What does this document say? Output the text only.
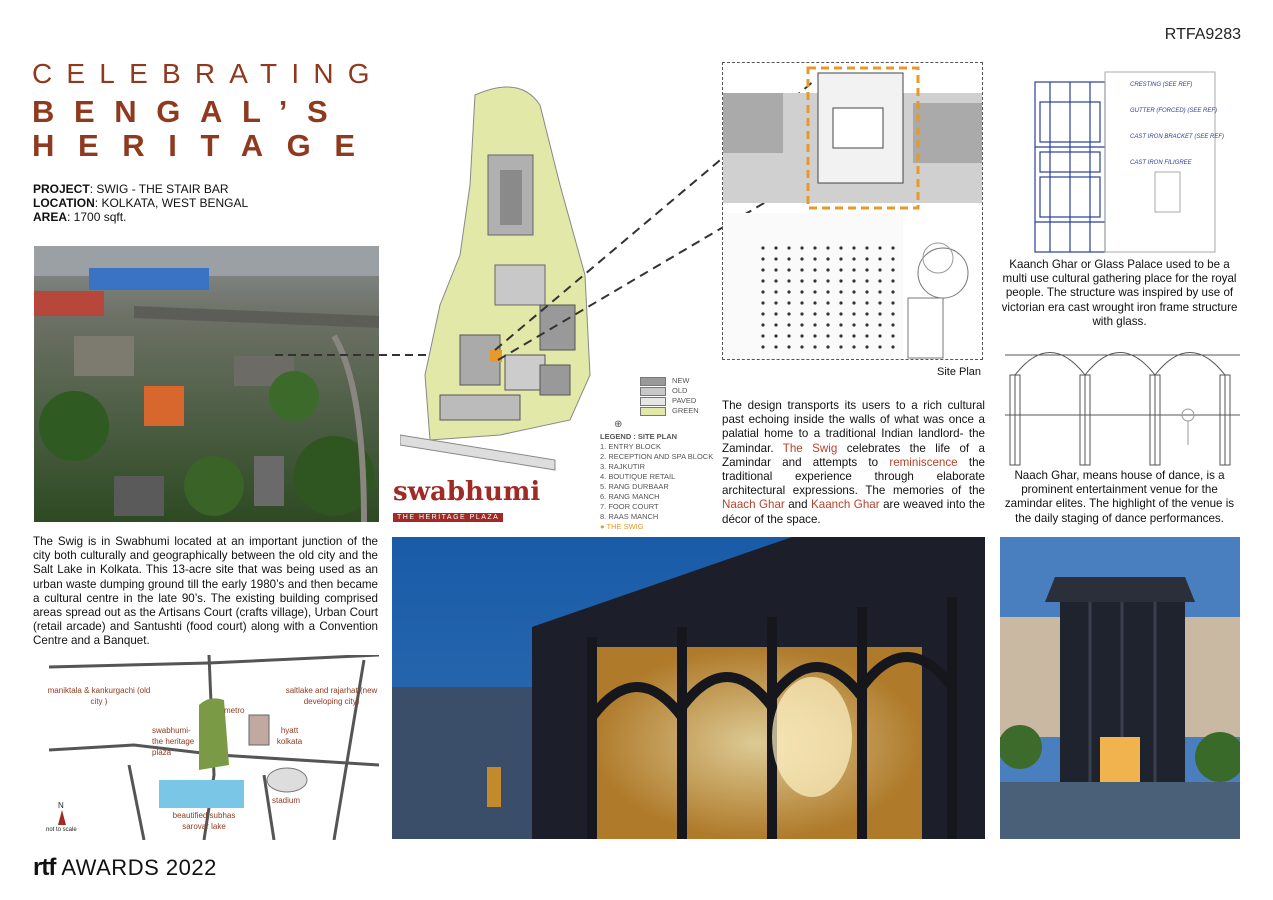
RTFA9283
CELEBRATING
BENGAL’S
HERITAGE
PROJECT: SWIG - THE STAIR BAR
LOCATION: KOLKATA, WEST BENGAL
AREA: 1700 sqft.
NEW
OLD
PAVED
GREEN
⊕
LEGEND : SITE PLAN
1. ENTRY BLOCK
2. RECEPTION AND SPA BLOCK
3. RAJKUTIR
4. BOUTIQUE RETAIL
5. RANG DURBAAR
6. RANG MANCH
7. FOOR COURT
8. RAAS MANCH
● THE SWIG
swabhumi
THE HERITAGE PLAZA
Site Plan
The design transports its users to a rich cultural past echoing inside the walls of what was once a palatial home to a traditional Indian landlord- the Zamindar. The Swig celebrates the life of a Zamindar and attempts to reminiscence the traditional experience through elaborate architectural expressions. The memories of the Naach Ghar and Kaanch Ghar are weaved into the décor of the space.
CRESTING (SEE REF)
GUTTER (FORCED) (SEE REF)
CAST IRON BRACKET (SEE REF)
CAST IRON FILIGREE
Kaanch Ghar or Glass Palace used to be a multi use cultural gathering place for the royal people. The structure was inspired by use of victorian era cast wrought iron frame structure with glass.
Naach Ghar, means house of dance, is a prominent entertainment venue for the zamindar elites. The highlight of the venue is the daily staging of dance performances.
The Swig is in Swabhumi located at an important junction of the city both culturally and geographically between the old city and the Salt Lake in Kolkata. This 13-acre site that was being used as an urban waste dumping ground till the early 1980’s and then became a cultural centre in the late 90’s. The existing building comprised areas spread out as the Artisans Court (crafts village), Urban Court (retail arcade) and Santushti (food court) along with a Convention Centre and a Banquet.
maniktala & kankurgachi (old city )
saltlake and rajarhat (new developing city)
metro
swabhumi- the heritage plaza
hyatt kolkata
stadium
beautified subhas sarovar lake
N
not to scale
rtf AWARDS 2022
